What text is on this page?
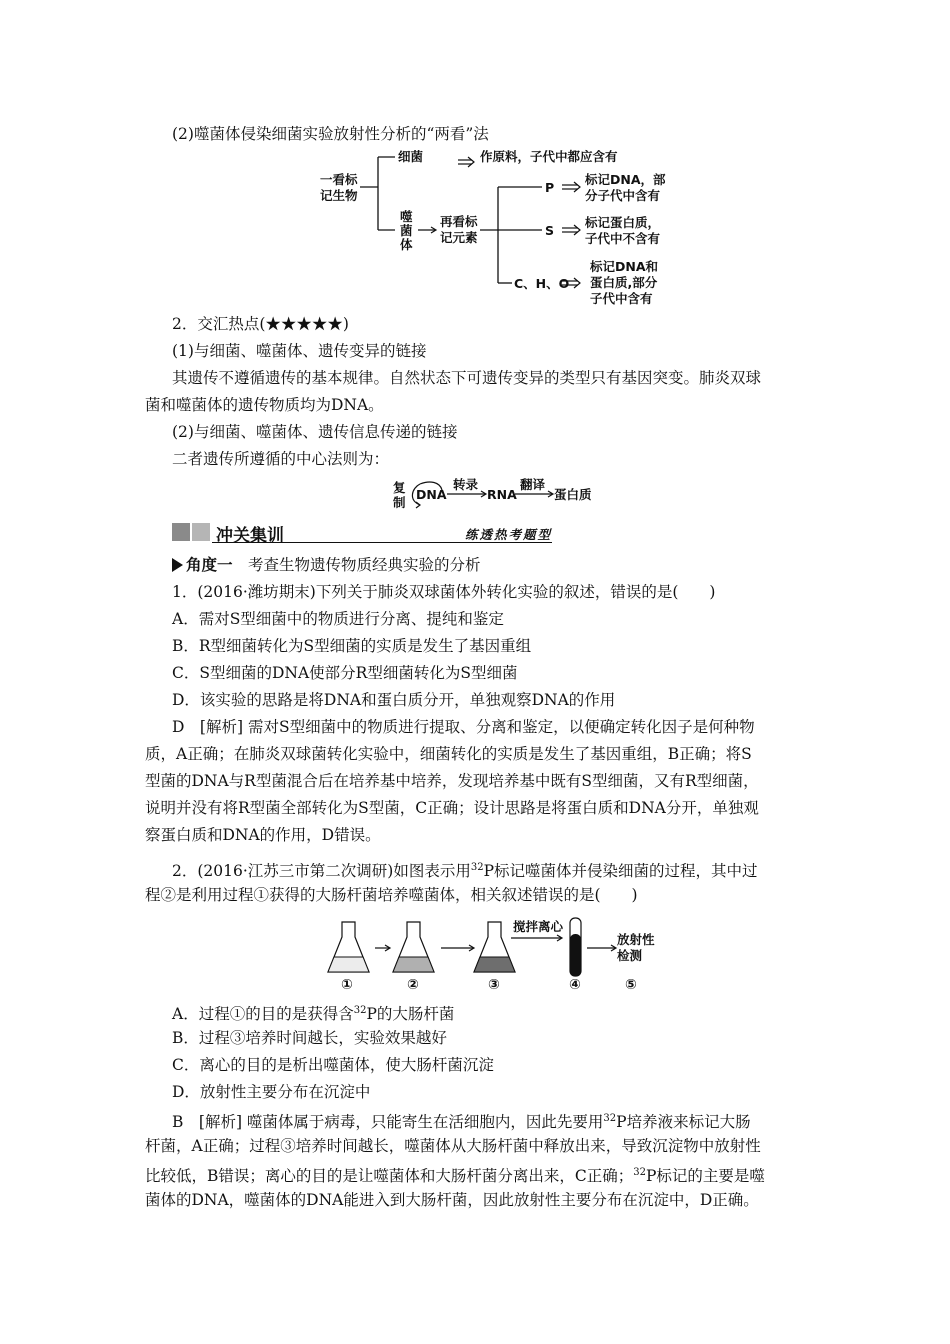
(2)噬菌体侵染细菌实验放射性分析的“两看”法
一看标
记生物
细菌	作原料，子代中都应含有
噬
菌
体
再看标
记元素
P
标记DNA，部
分子代中含有
S
标记蛋白质，
子代中不含有
C、H、O
标记DNA和
蛋白质,部分
子代中含有
2．交汇热点(★★★★★)
(1)与细菌、噬菌体、遗传变异的链接
其遗传不遵循遗传的基本规律。自然状态下可遗传变异的类型只有基因突变。肺炎双球
菌和噬菌体的遗传物质均为DNA。
(2)与细菌、噬菌体、遗传信息传递的链接
二者遗传所遵循的中心法则为：
复
制
DNA
转录
RNA
翻译
蛋白质
冲关集训	练透热考题型
角度一　 考查生物遗传物质经典实验的分析
1．(2016·潍坊期末)下列关于肺炎双球菌体外转化实验的叙述，错误的是(　　)
A．需对S型细菌中的物质进行分离、提纯和鉴定
B．R型细菌转化为S型细菌的实质是发生了基因重组
C．S型细菌的DNA使部分R型细菌转化为S型细菌
D．该实验的思路是将DNA和蛋白质分开，单独观察DNA的作用
D　[解析] 需对S型细菌中的物质进行提取、分离和鉴定，以便确定转化因子是何种物
质，A正确；在肺炎双球菌转化实验中，细菌转化的实质是发生了基因重组，B正确；将S
型菌的DNA与R型菌混合后在培养基中培养，发现培养基中既有S型细菌，又有R型细菌，
说明并没有将R型菌全部转化为S型菌，C正确；设计思路是将蛋白质和DNA分开，单独观
察蛋白质和DNA的作用，D错误。
2．(2016·江苏三市第二次调研)如图表示用$^{32}$P标记噬菌体并侵染细菌的过程，其中过
程②是利用过程①获得的大肠杆菌培养噬菌体，相关叙述错误的是(　　)
搅拌离心
放射性
检测
①	②	③	④	⑤
A．过程①的目的是获得含$^{32}$P的大肠杆菌
B．过程③培养时间越长，实验效果越好
C．离心的目的是析出噬菌体，使大肠杆菌沉淀
D．放射性主要分布在沉淀中
B　[解析] 噬菌体属于病毒，只能寄生在活细胞内，因此先要用$^{32}$P培养液来标记大肠
杆菌，A正确；过程③培养时间越长，噬菌体从大肠杆菌中释放出来，导致沉淀物中放射性
比较低，B错误；离心的目的是让噬菌体和大肠杆菌分离出来，C正确；$^{32}$P标记的主要是噬
菌体的DNA，噬菌体的DNA能进入到大肠杆菌，因此放射性主要分布在沉淀中，D正确。
